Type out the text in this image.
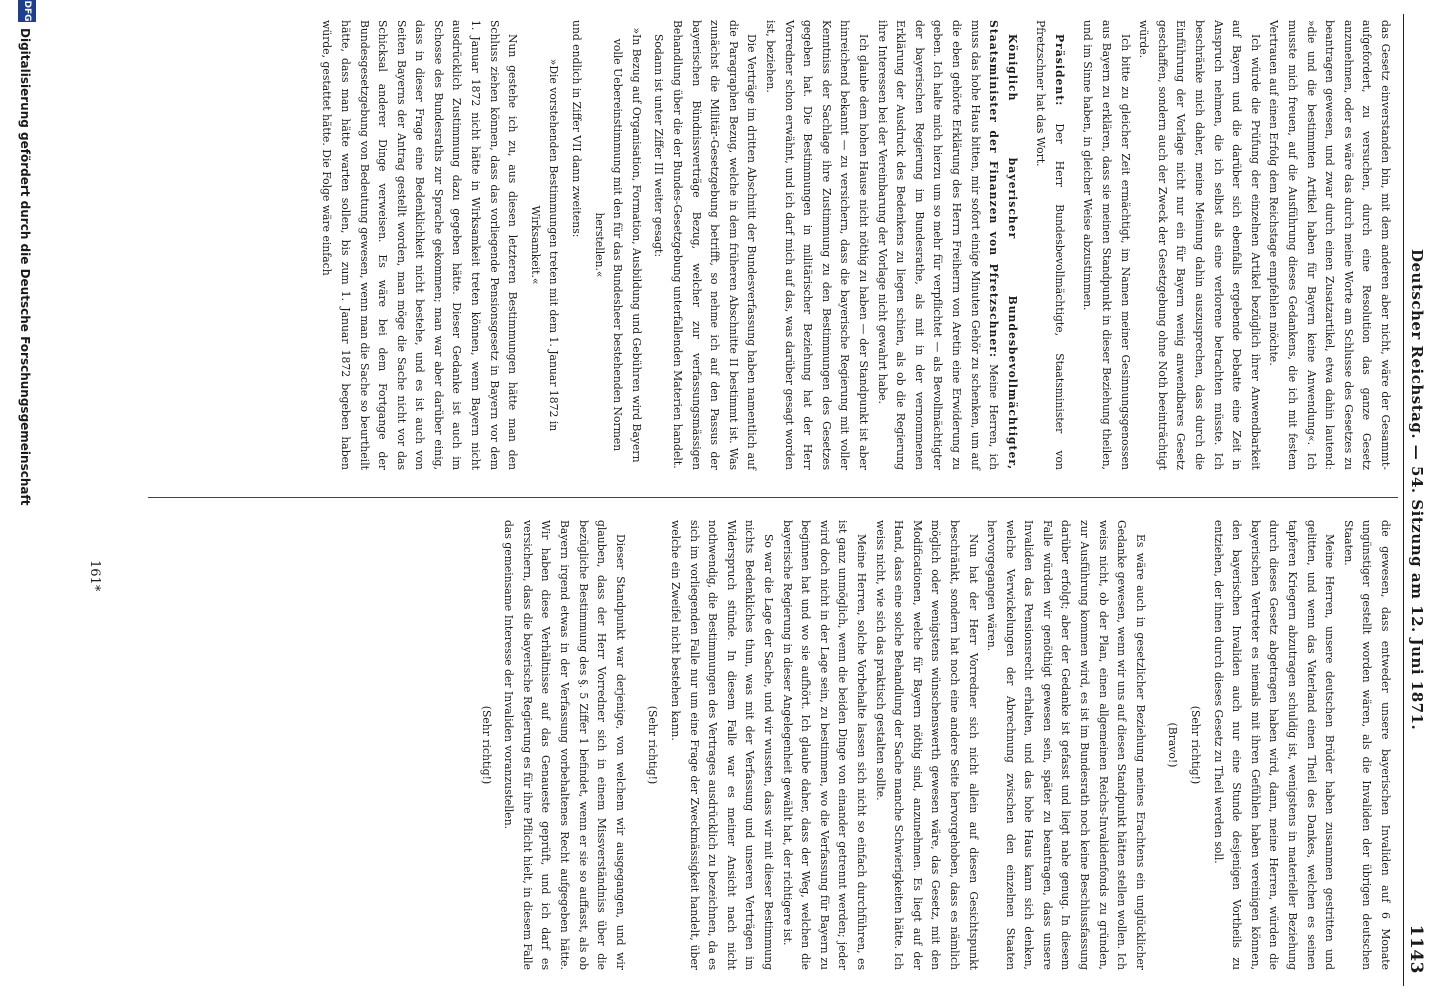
Deutscher Reichstag. — 54. Sitzung am 12. Juni 1871.
1143

das Gesetz einverstanden bin, mit dem anderen aber nicht, wäre der Gesammt- aufgefordert, zu versuchen, durch eine Resolution das ganze Gesetz anzunehmen, oder es wäre das durch meine Worte am Schlusse des Gesetzes zu beantragen gewesen, und zwar durch einen Zusatzartikel, etwa dahin lautend: »die und die bestimmten Artikel haben für Bayern keine Anwendung«. Ich musste mich freuen, auf die Ausführung dieses Gedankens, die ich mit festem Vertrauen auf einen Erfolg dem Reichstage empfehlen möchte.

Ich würde die Prüfung der einzelnen Artikel bezüglich ihrer Anwendbarkeit auf Bayern und die darüber sich ebenfalls ergebende Debatte eine Zeit in Anspruch nehmen, die ich selbst als eine verlorene betrachten müsste. Ich beschränke mich daher, meine Meinung dahin auszusprechen, dass durch die Einführung der Vorlage nicht nur ein für Bayern wenig anwendbares Gesetz geschaffen, sondern auch der Zweck der Gesetzgebung ohne Noth beeinträchtigt würde.

Ich bitte zu gleicher Zeit ermächtigt, im Namen meiner Gesinnungsgenossen aus Bayern zu erklären, dass sie meinen Standpunkt in dieser Beziehung theilen, und im Sinne haben, in gleicher Weise abzustimmen.

Präsident: Der Herr Bundesbevollmächtigte, Staatsminister von Pfretzschner hat das Wort.

Königlich bayerischer Bundesbevollmächtigter, Staatsminister der Finanzen von Pfretzschner: Meine Herren, ich muss das hohe Haus bitten, mir sofort einige Minuten Gehör zu schenken, um auf die eben gehörte Erklärung des Herrn Freiherrn von Aretin eine Erwiderung zu geben. Ich halte mich hierzu um so mehr für verpflichtet — als Bevollmächtigter der bayerischen Regierung im Bundesrathe, als mit in der vernommenen Erklärung der Ausdruck des Bedenkens zu liegen schien, als ob die Regierung ihre Interessen bei der Vereinbarung der Vorlage nicht gewahrt habe.

Ich glaube dem hohen Hause nicht nöthig zu haben — der Standpunkt ist aber hinreichend bekannt — zu versichern, dass die bayerische Regierung mit voller Kenntniss der Sachlage ihre Zustimmung zu den Bestimmungen des Gesetzes gegeben hat. Die Bestimmungen in militärischer Beziehung hat der Herr Vorredner schon erwähnt, und ich darf mich auf das, was darüber gesagt worden ist, beziehen.

Die Verträge im dritten Abschnitt der Bundesverfassung haben namentlich auf die Paragraphen Bezug, welche in dem früheren Abschnitte II bestimmt ist. Was zunächst die Militär-Gesetzgebung betrifft, so nehme ich auf den Passus der bayerischen Bündnissverträge Bezug, welcher zur verfassungsmässigen Behandlung über die der Bundes-Gesetzgebung unterfallenden Materien handelt.

Sodann ist unter Ziffer III weiter gesagt:

»In Bezug auf Organisation, Formation, Ausbildung und Gebühren wird Bayern volle Uebereinstimmung mit den für das Bundesheer bestehenden Normen herstellen.«

und endlich in Ziffer VII dann zweitens:

»Die vorstehenden Bestimmungen treten mit dem 1. Januar 1872 in Wirksamkeit.«

Nun gestehe ich zu, aus diesen letzteren Bestimmungen hätte man den Schluss ziehen können, dass das vorliegende Pensionsgesetz in Bayern vor dem 1. Januar 1872 nicht hätte in Wirksamkeit treten können, wenn Bayern nicht ausdrücklich Zustimmung dazu gegeben hätte. Dieser Gedanke ist auch im Schosse des Bundesraths zur Sprache gekommen; man war aber darüber einig, dass in dieser Frage eine Bedenklichkeit nicht bestehe, und es ist auch von Seiten Bayerns der Antrag gestellt worden, man möge die Sache nicht vor das Schicksal anderer Dinge verweisen. Es wäre bei dem Fortgange der Bundesgesetzgebung von Bedeutung gewesen, wenn man die Sache so beurtheilt hätte, dass man hätte warten sollen, bis zum 1. Januar 1872 begeben haben würde, gestattet hätte. Die Folge wäre einfach

die gewesen, dass entweder unsere bayerischen Invaliden auf 6 Monate ungünstiger gestellt worden wären, als die Invaliden der übrigen deutschen Staaten.

Meine Herren, unsere deutschen Brüder haben zusammen gestritten und gelitten, und wenn das Vaterland einen Theil des Dankes, welchen es seinen tapferen Kriegern abzutragen schuldig ist, wenigstens in materieller Beziehung durch dieses Gesetz abgetragen haben wird, dann, meine Herren, würden die bayerischen Vertreter es niemals mit ihren Gefühlen haben vereinigen können, den bayerischen Invaliden auch nur eine Stunde desjenigen Vortheils zu entziehen, der ihnen durch dieses Gesetz zu Theil werden soll.

(Sehr richtig!)

(Bravo!)

Es wäre auch in gesetzlicher Beziehung meines Erachtens ein unglücklicher Gedanke gewesen, wenn wir uns auf diesen Standpunkt hätten stellen wollen. Ich weiss nicht, ob der Plan, einen allgemeinen Reichs-Invalidenfonds zu gründen, zur Ausführung kommen wird, es ist im Bundesrath noch keine Beschlussfassung darüber erfolgt; aber der Gedanke ist gefasst und liegt nahe genug. In diesem Falle würden wir genöthigt gewesen sein, später zu beantragen, dass unsere Invaliden das Pensionsrecht erhalten, und das hohe Haus kann sich denken, welche Verwickelungen der Abrechnung zwischen den einzelnen Staaten hervorgegangen wären.

Nun hat der Herr Vorredner sich nicht allein auf diesen Gesichtspunkt beschränkt, sondern hat noch eine andere Seite hervorgehoben, dass es nämlich möglich oder wenigstens wünschenswerth gewesen wäre, das Gesetz, mit den Modificationen, welche für Bayern nöthig sind, anzunehmen. Es liegt auf der Hand, dass eine solche Behandlung der Sache manche Schwierigkeiten hätte. Ich weiss nicht, wie sich das praktisch gestalten sollte.

Meine Herren, solche Vorbehalte lassen sich nicht so einfach durchführen, es ist ganz unmöglich, wenn die beiden Dinge von einander getrennt werden; jeder wird doch nicht in der Lage sein, zu bestimmen, wo die Verfassung für Bayern zu beginnen hat und wo sie aufhört. Ich glaube daher, dass der Weg, welchen die bayerische Regierung in dieser Angelegenheit gewählt hat, der richtigere ist.

So war die Lage der Sache, und wir wussten, dass wir mit dieser Bestimmung nichts Bedenkliches thun, was mit der Verfassung und unseren Verträgen im Widerspruch stünde. In diesem Falle war es meiner Ansicht nach nicht nothwendig, die Bestimmungen des Vertrages ausdrücklich zu bezeichnen, da es sich im vorliegenden Falle nur um eine Frage der Zweckmässigkeit handelt, über welche ein Zweifel nicht bestehen kann.

(Sehr richtig!)

Dieser Standpunkt war derjenige, von welchem wir ausgegangen, und wir glauben, dass der Herr Vorredner sich in einem Missverständniss über die bezügliche Bestimmung des §. 5 Ziffer 1 befindet, wenn er sie so auffasst, als ob Bayern irgend etwas in der Verfassung vorbehaltenes Recht aufgegeben hätte. Wir haben diese Verhältnisse auf das Genaueste geprüft, und ich darf es versichern, dass die bayerische Regierung es für ihre Pflicht hielt, in diesem Falle das gemeinsame Interesse der Invaliden voranzustellen.

(Sehr richtig!)

161*
DFG
Digitalisierung gefördert durch die Deutsche Forschungsgemeinschaft
